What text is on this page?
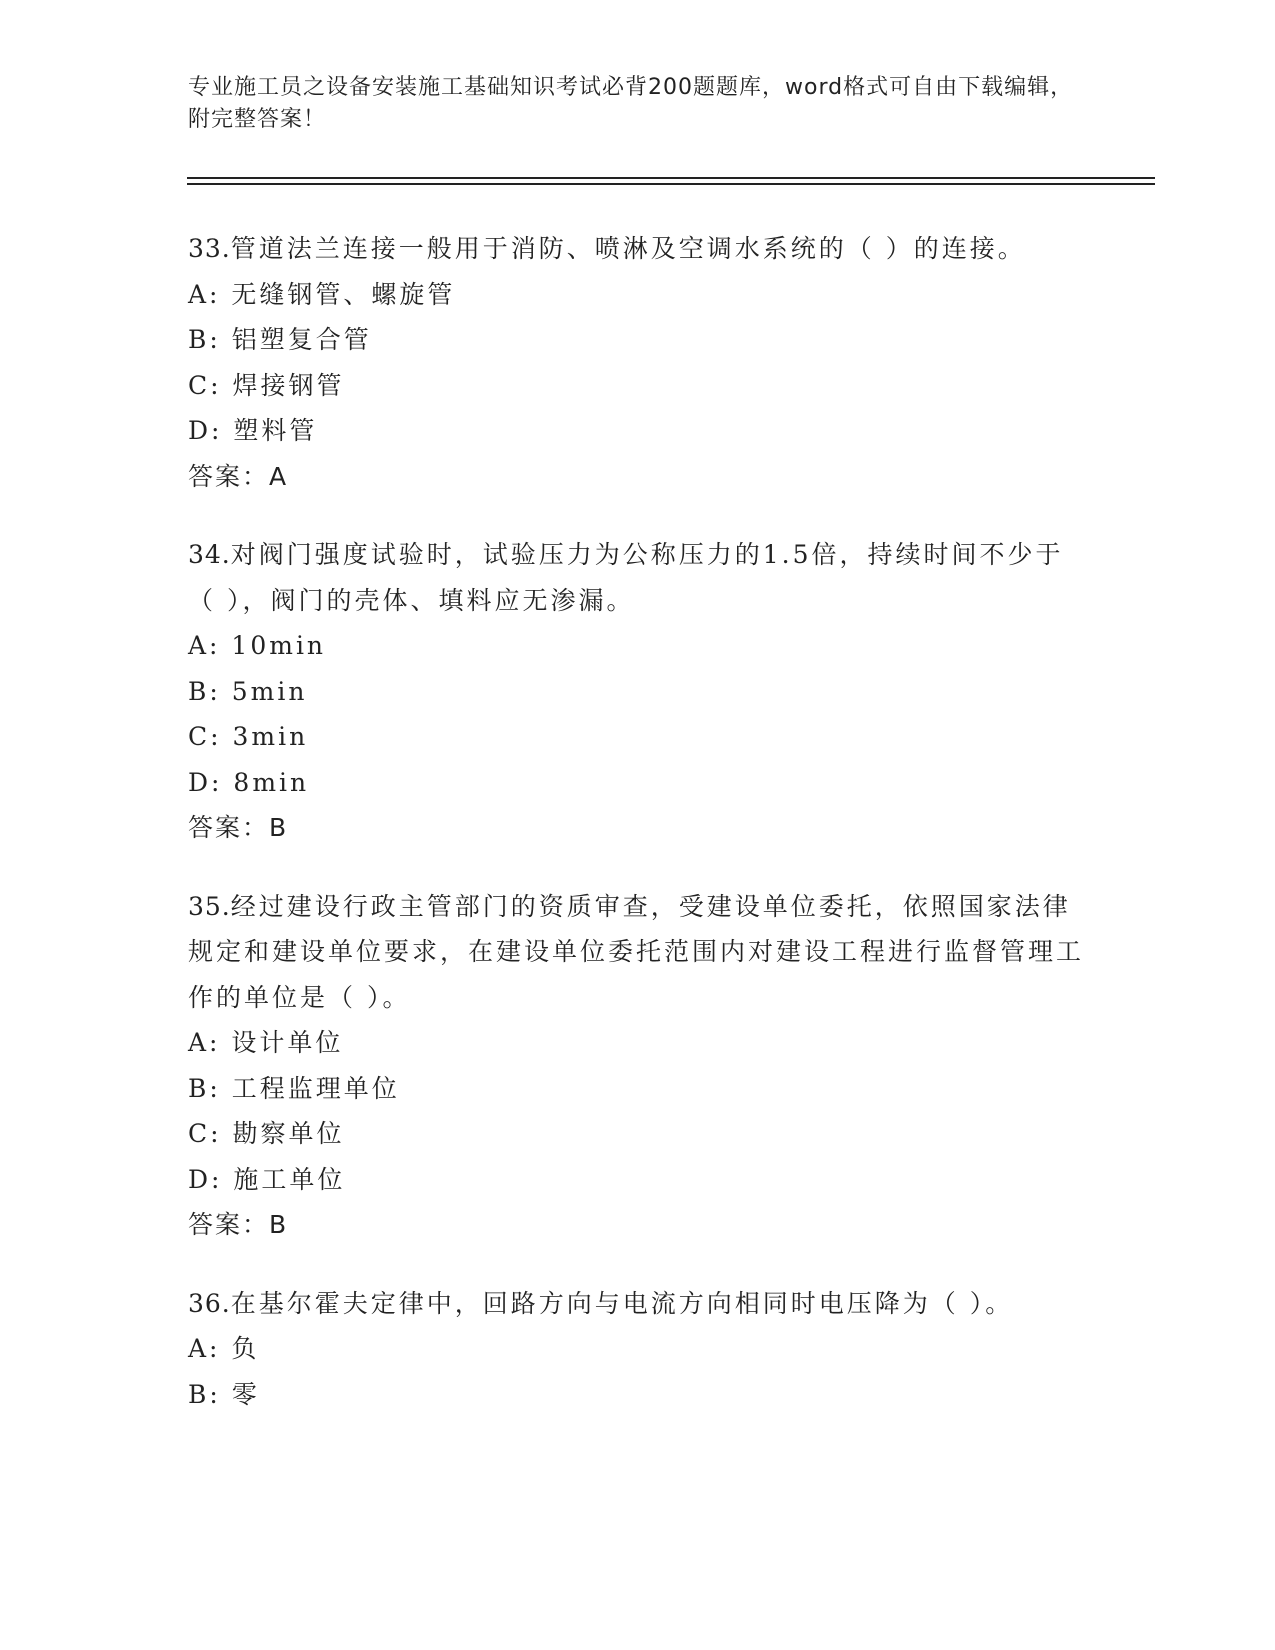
专业施工员之设备安装施工基础知识考试必背200题题库，word格式可自由下载编辑，附完整答案！
33.管道法兰连接一般用于消防、喷淋及空调水系统的（ ）的连接。
A: 无缝钢管、螺旋管
B: 铝塑复合管
C: 焊接钢管
D: 塑料管
答案：A
34.对阀门强度试验时，试验压力为公称压力的1.5倍，持续时间不少于（ ），阀门的壳体、填料应无渗漏。
A: 10min
B: 5min
C: 3min
D: 8min
答案：B
35.经过建设行政主管部门的资质审查，受建设单位委托，依照国家法律规定和建设单位要求，在建设单位委托范围内对建设工程进行监督管理工作的单位是（ ）。
A: 设计单位
B: 工程监理单位
C: 勘察单位
D: 施工单位
答案：B
36.在基尔霍夫定律中，回路方向与电流方向相同时电压降为（ ）。
A: 负
B: 零
